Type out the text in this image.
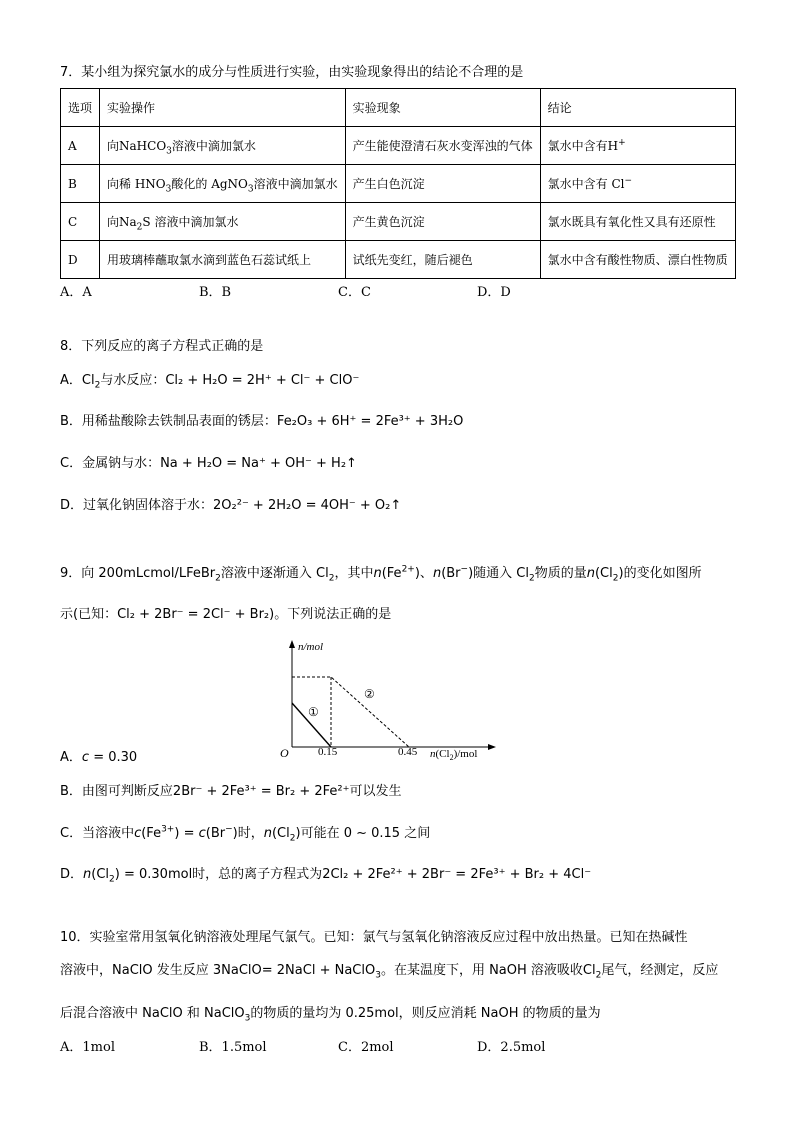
7．某小组为探究氯水的成分与性质进行实验，由实验现象得出的结论不合理的是
选项	实验操作	实验现象	结论
A	向NaHCO$_3$溶液中滴加氯水	产生能使澄清石灰水变浑浊的气体	氯水中含有H+
B	向稀 $HNO_3$酸化的 AgNO$_3$溶液中滴加氯水	产生白色沉淀	氯水中含有 Cl−
C	向$Na_2S$ 溶液中滴加氯水	产生黄色沉淀	氯水既具有氧化性又具有还原性
D	用玻璃棒蘸取氯水滴到蓝色石蕊试纸上	试纸先变红，随后褪色	氯水中含有酸性物质、漂白性物质
A．A	B．B	C．C	D．D
8．下列反应的离子方程式正确的是
A．$Cl_2$与水反应：Cl₂ + H₂O = 2H⁺ + Cl⁻ + ClO⁻
B．用稀盐酸除去铁制品表面的锈层：Fe₂O₃ + 6H⁺ = 2Fe³⁺ + 3H₂O
C．金属钠与水：Na + H₂O = Na⁺ + OH⁻ + H₂↑
D．过氧化钠固体溶于水：2O₂²⁻ + 2H₂O = 4OH⁻ + O₂↑
9．向 200mLcmol/LFeBr$_2$溶液中逐渐通入 $Cl_2$，其中$n(Fe^{2+})$、n(Br−)随通入 $Cl_2$物质的量$n(Cl_2)$的变化如图所
示(已知：Cl₂ + 2Br⁻ = 2Cl⁻ + Br₂)。下列说法正确的是
n/mol
O	0.15	0.45 $n(Cl_2)$/mol
①
②
A．c = 0.30
B．由图可判断反应2Br⁻ + 2Fe³⁺ = Br₂ + 2Fe²⁺可以发生
C．当溶液中$c(Fe^{3+}) = c(Br^-)$时，$n(Cl_2)$可能在 0 ~ 0.15 之间
D．$n(Cl_2) = 0.30mol$时，总的离子方程式为2Cl₂ + 2Fe²⁺ + 2Br⁻ = 2Fe³⁺ + Br₂ + 4Cl⁻
10．实验室常用氢氧化钠溶液处理尾气氯气。已知：氯气与氢氧化钠溶液反应过程中放出热量。已知在热碱性
溶液中，NaClO 发生反应 3NaClO= 2NaCl + NaClO$_3$。在某温度下，用 NaOH 溶液吸收$Cl_2$尾气，经测定，反应
后混合溶液中 NaClO 和 NaClO$_3$的物质的量均为 0.25mol，则反应消耗 NaOH 的物质的量为
A．1mol	B．1.5mol	C．2mol	D．2.5mol
